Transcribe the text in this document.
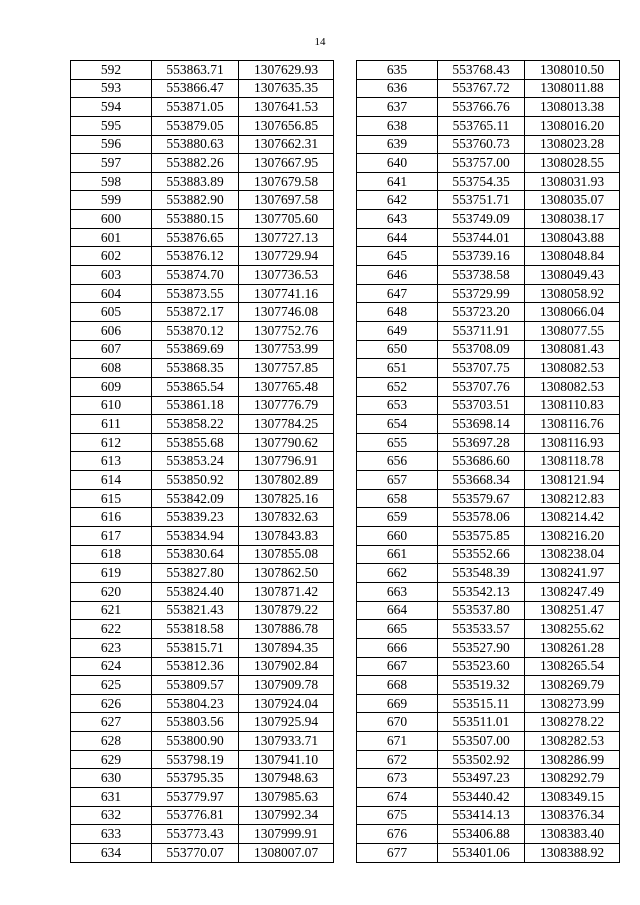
14
592	553863.71	1307629.93
593	553866.47	1307635.35
594	553871.05	1307641.53
595	553879.05	1307656.85
596	553880.63	1307662.31
597	553882.26	1307667.95
598	553883.89	1307679.58
599	553882.90	1307697.58
600	553880.15	1307705.60
601	553876.65	1307727.13
602	553876.12	1307729.94
603	553874.70	1307736.53
604	553873.55	1307741.16
605	553872.17	1307746.08
606	553870.12	1307752.76
607	553869.69	1307753.99
608	553868.35	1307757.85
609	553865.54	1307765.48
610	553861.18	1307776.79
611	553858.22	1307784.25
612	553855.68	1307790.62
613	553853.24	1307796.91
614	553850.92	1307802.89
615	553842.09	1307825.16
616	553839.23	1307832.63
617	553834.94	1307843.83
618	553830.64	1307855.08
619	553827.80	1307862.50
620	553824.40	1307871.42
621	553821.43	1307879.22
622	553818.58	1307886.78
623	553815.71	1307894.35
624	553812.36	1307902.84
625	553809.57	1307909.78
626	553804.23	1307924.04
627	553803.56	1307925.94
628	553800.90	1307933.71
629	553798.19	1307941.10
630	553795.35	1307948.63
631	553779.97	1307985.63
632	553776.81	1307992.34
633	553773.43	1307999.91
634	553770.07	1308007.07
635	553768.43	1308010.50
636	553767.72	1308011.88
637	553766.76	1308013.38
638	553765.11	1308016.20
639	553760.73	1308023.28
640	553757.00	1308028.55
641	553754.35	1308031.93
642	553751.71	1308035.07
643	553749.09	1308038.17
644	553744.01	1308043.88
645	553739.16	1308048.84
646	553738.58	1308049.43
647	553729.99	1308058.92
648	553723.20	1308066.04
649	553711.91	1308077.55
650	553708.09	1308081.43
651	553707.75	1308082.53
652	553707.76	1308082.53
653	553703.51	1308110.83
654	553698.14	1308116.76
655	553697.28	1308116.93
656	553686.60	1308118.78
657	553668.34	1308121.94
658	553579.67	1308212.83
659	553578.06	1308214.42
660	553575.85	1308216.20
661	553552.66	1308238.04
662	553548.39	1308241.97
663	553542.13	1308247.49
664	553537.80	1308251.47
665	553533.57	1308255.62
666	553527.90	1308261.28
667	553523.60	1308265.54
668	553519.32	1308269.79
669	553515.11	1308273.99
670	553511.01	1308278.22
671	553507.00	1308282.53
672	553502.92	1308286.99
673	553497.23	1308292.79
674	553440.42	1308349.15
675	553414.13	1308376.34
676	553406.88	1308383.40
677	553401.06	1308388.92
